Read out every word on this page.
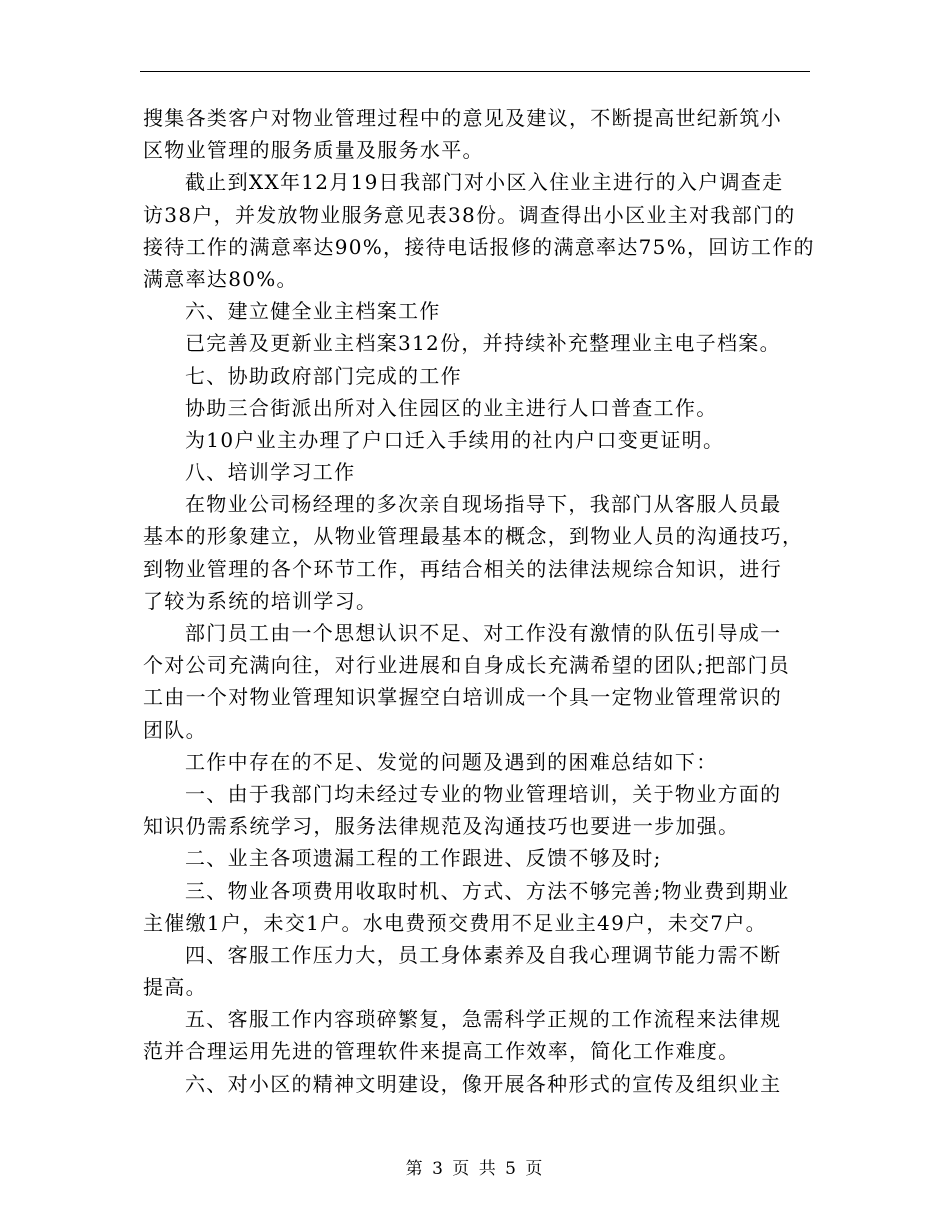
搜集各类客户对物业管理过程中的意见及建议，不断提高世纪新筑小
区物业管理的服务质量及服务水平。
截止到XX年12月19日我部门对小区入住业主进行的入户调查走
访38户，并发放物业服务意见表38份。调查得出小区业主对我部门的
接待工作的满意率达90%，接待电话报修的满意率达75%，回访工作的
满意率达80%。
六、建立健全业主档案工作
已完善及更新业主档案312份，并持续补充整理业主电子档案。
七、协助政府部门完成的工作
协助三合街派出所对入住园区的业主进行人口普查工作。
为10户业主办理了户口迁入手续用的社内户口变更证明。
八、培训学习工作
在物业公司杨经理的多次亲自现场指导下，我部门从客服人员最
基本的形象建立，从物业管理最基本的概念，到物业人员的沟通技巧，
到物业管理的各个环节工作，再结合相关的法律法规综合知识，进行
了较为系统的培训学习。
部门员工由一个思想认识不足、对工作没有激情的队伍引导成一
个对公司充满向往，对行业进展和自身成长充满希望的团队;把部门员
工由一个对物业管理知识掌握空白培训成一个具一定物业管理常识的
团队。
工作中存在的不足、发觉的问题及遇到的困难总结如下：
一、由于我部门均未经过专业的物业管理培训，关于物业方面的
知识仍需系统学习，服务法律规范及沟通技巧也要进一步加强。
二、业主各项遗漏工程的工作跟进、反馈不够及时;
三、物业各项费用收取时机、方式、方法不够完善;物业费到期业
主催缴1户，未交1户。水电费预交费用不足业主49户，未交7户。
四、客服工作压力大，员工身体素养及自我心理调节能力需不断
提高。
五、客服工作内容琐碎繁复，急需科学正规的工作流程来法律规
范并合理运用先进的管理软件来提高工作效率，简化工作难度。
六、对小区的精神文明建设，像开展各种形式的宣传及组织业主
第 3 页 共 5 页
